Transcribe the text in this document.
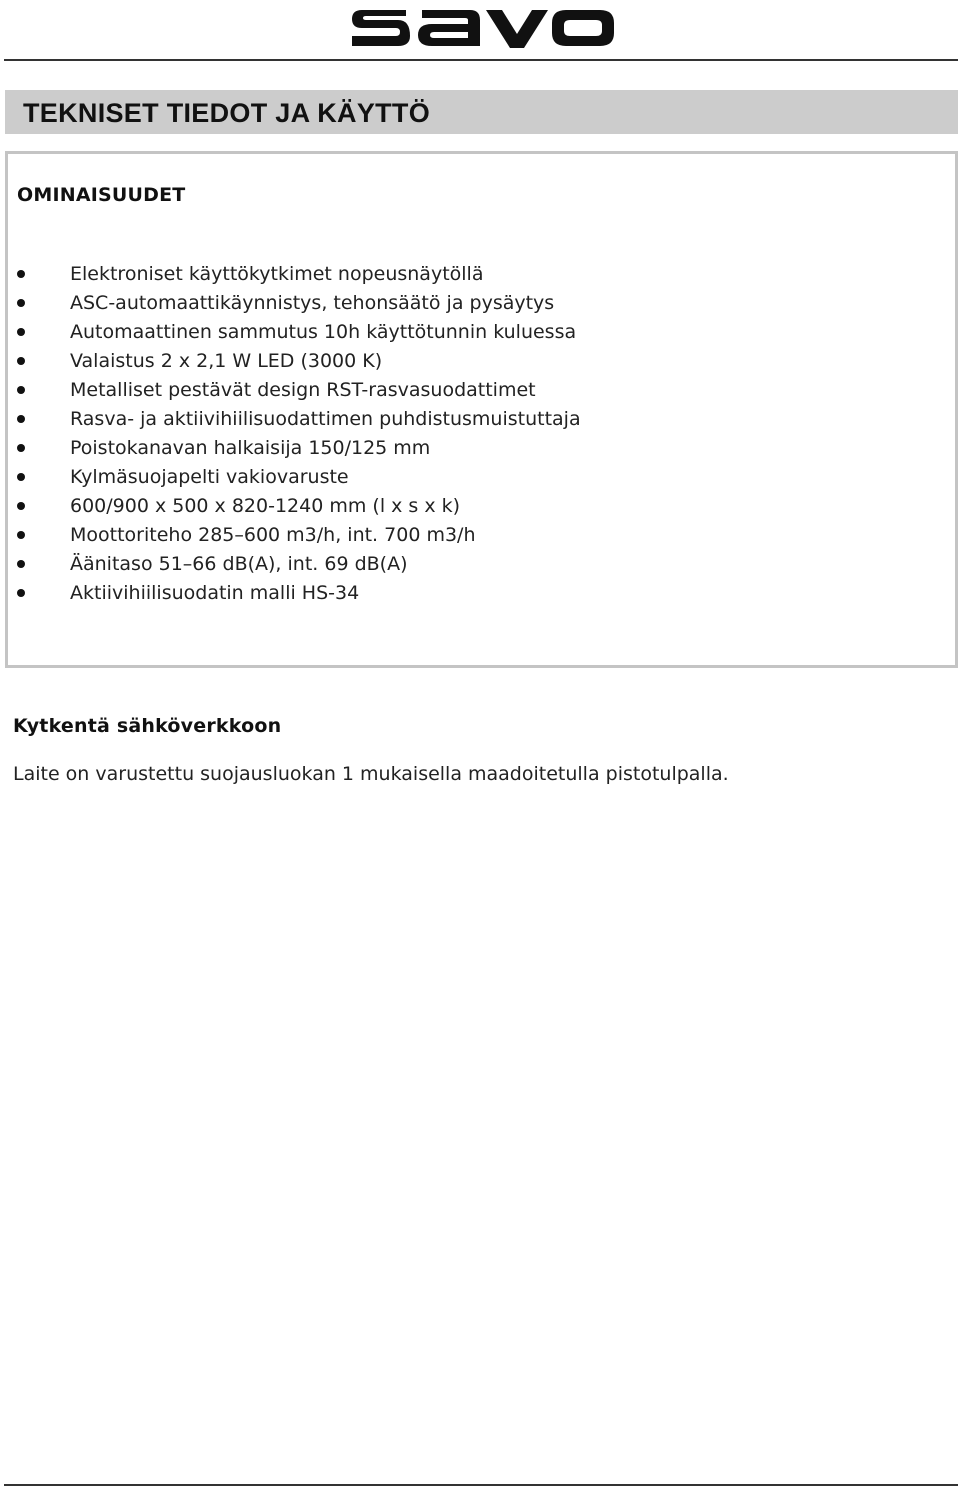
TEKNISET TIEDOT JA KÄYTTÖ
OMINAISUUDET
Elektroniset käyttökytkimet nopeusnäytöllä
ASC-automaattikäynnistys, tehonsäätö ja pysäytys
Automaattinen sammutus 10h käyttötunnin kuluessa
Valaistus 2 x 2,1 W LED (3000 K)
Metalliset pestävät design RST-rasvasuodattimet
Rasva- ja aktiivihiilisuodattimen puhdistusmuistuttaja
Poistokanavan halkaisija 150/125 mm
Kylmäsuojapelti vakiovaruste
600/900 x 500 x 820-1240 mm (l x s x k)
Moottoriteho 285–600 m3/h, int. 700 m3/h
Äänitaso 51–66 dB(A), int. 69 dB(A)
Aktiivihiilisuodatin malli HS-34
Kytkentä sähköverkkoon
Laite on varustettu suojausluokan 1 mukaisella maadoitetulla pistotulpalla.
